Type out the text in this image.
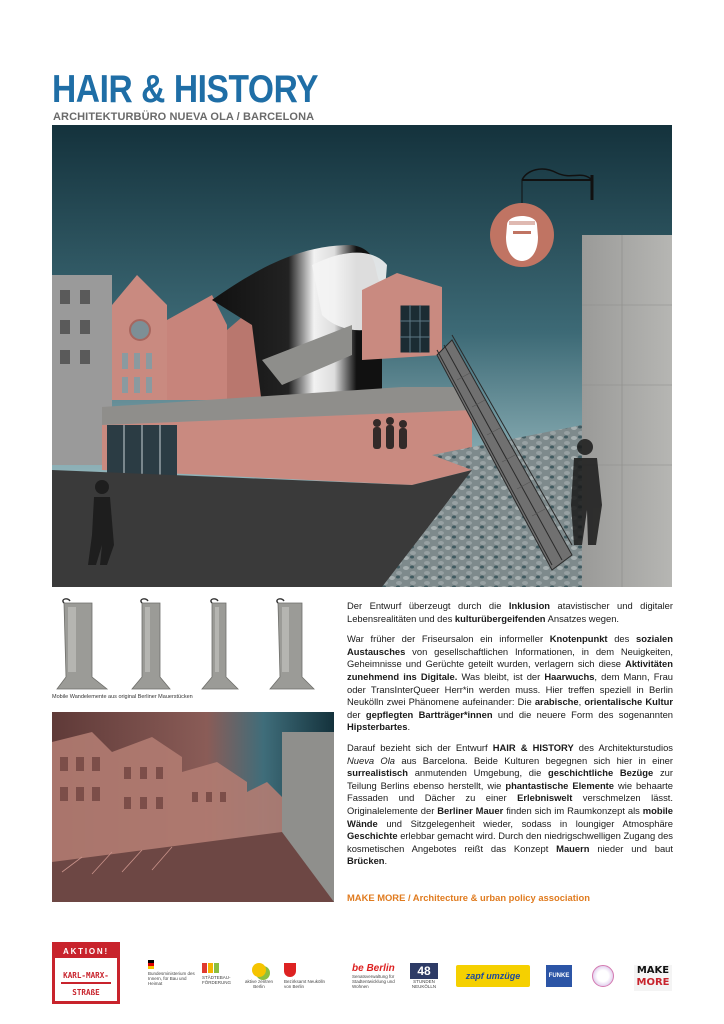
HAIR & HISTORY
ARCHITEKTURBÜRO NUEVA OLA / BARCELONA
Mobile Wandelemente aus original Berliner Mauerstücken

Der Entwurf überzeugt durch die Inklusion atavistischer und digitaler Lebensrealitäten und des kulturübergeifenden Ansatzes wegen.

War früher der Friseursalon ein informeller Knotenpunkt des sozialen Austausches von gesellschaftlichen Informationen, in dem Neuigkeiten, Geheimnisse und Gerüchte geteilt wurden, verlagern sich diese Aktivitäten zunehmend ins Digitale. Was bleibt, ist der Haarwuchs, dem Mann, Frau oder TransInterQueer Herr*in werden muss. Hier treffen speziell in Berlin Neukölln zwei Phänomene aufeinander: Die arabische, orientalische Kultur der gepflegten Bartträger*innen und die neuere Form des sogenannten Hipsterbartes.

Darauf bezieht sich der Entwurf HAIR & HISTORY des Architekturstudios Nueva Ola aus Barcelona. Beide Kulturen begegnen sich hier in einer surrealistisch anmutenden Umgebung, die geschichtliche Bezüge zur Teilung Berlins ebenso herstellt, wie phantastische Elemente wie behaarte Fassaden und Dächer zu einer Erlebniswelt verschmelzen lässt. Originalelemente der Berliner Mauer finden sich im Raumkonzept als mobile Wände und Sitzgelegenheit wieder, sodass in loungiger Atmosphäre Geschichte erlebbar gemacht wird. Durch den niedrigschwelligen Zugang des kosmetischen Angebotes reißt das Konzept Mauern nieder und baut Brücken.

MAKE MORE / Architecture & urban policy association
AKTION!
KARL-MARX-
STRAßE
Bundesministerium des Innern, für Bau und Heimat
STÄDTEBAU-FÖRDERUNG	aktive zentren Berlin
Bezirksamt Neukölln von Berlin
be Berlin
Senatsverwaltung für Stadtentwicklung und Wohnen
48
STUNDEN NEUKÖLLN
zapf umzüge	FUNKE	MAKE
MORE
